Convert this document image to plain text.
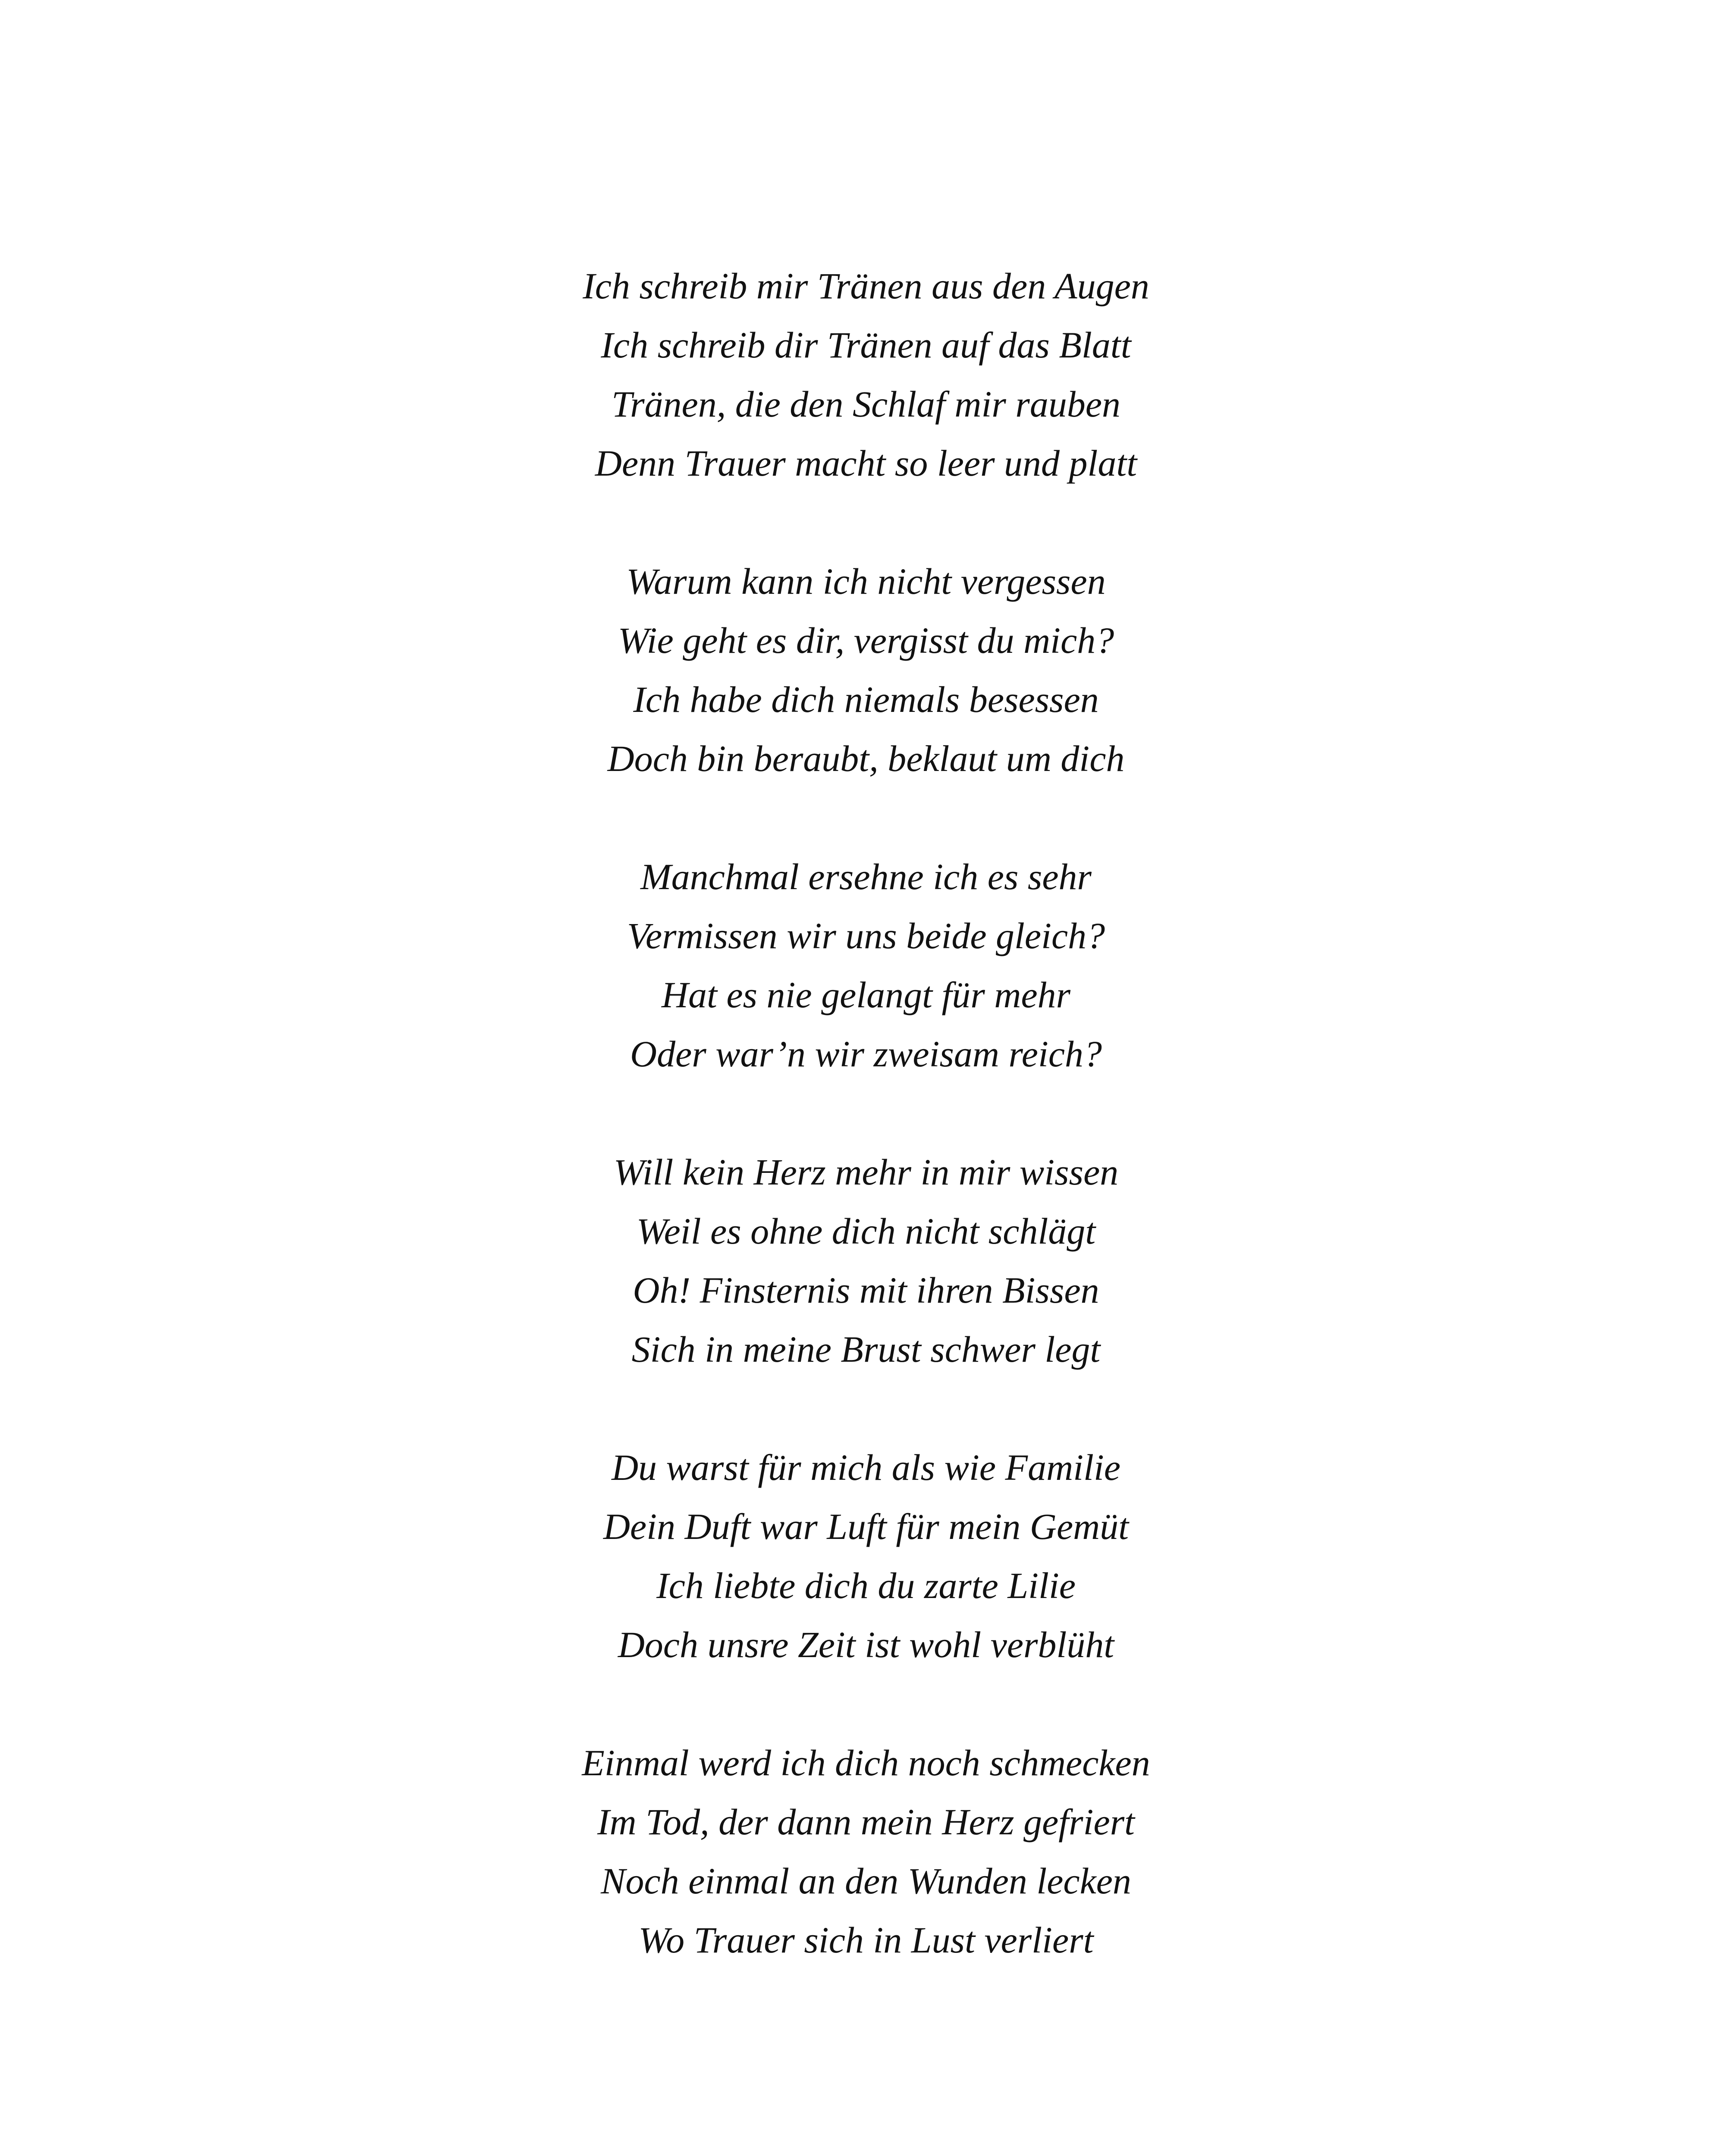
Ich schreib mir Tränen aus den Augen
Ich schreib dir Tränen auf das Blatt
Tränen, die den Schlaf mir rauben
Denn Trauer macht so leer und platt
Warum kann ich nicht vergessen
Wie geht es dir, vergisst du mich?
Ich habe dich niemals besessen
Doch bin beraubt, beklaut um dich
Manchmal ersehne ich es sehr
Vermissen wir uns beide gleich?
Hat es nie gelangt für mehr
Oder war’n wir zweisam reich?
Will kein Herz mehr in mir wissen
Weil es ohne dich nicht schlägt
Oh! Finsternis mit ihren Bissen
Sich in meine Brust schwer legt
Du warst für mich als wie Familie
Dein Duft war Luft für mein Gemüt
Ich liebte dich du zarte Lilie
Doch unsre Zeit ist wohl verblüht
Einmal werd ich dich noch schmecken
Im Tod, der dann mein Herz gefriert
Noch einmal an den Wunden lecken
Wo Trauer sich in Lust verliert
